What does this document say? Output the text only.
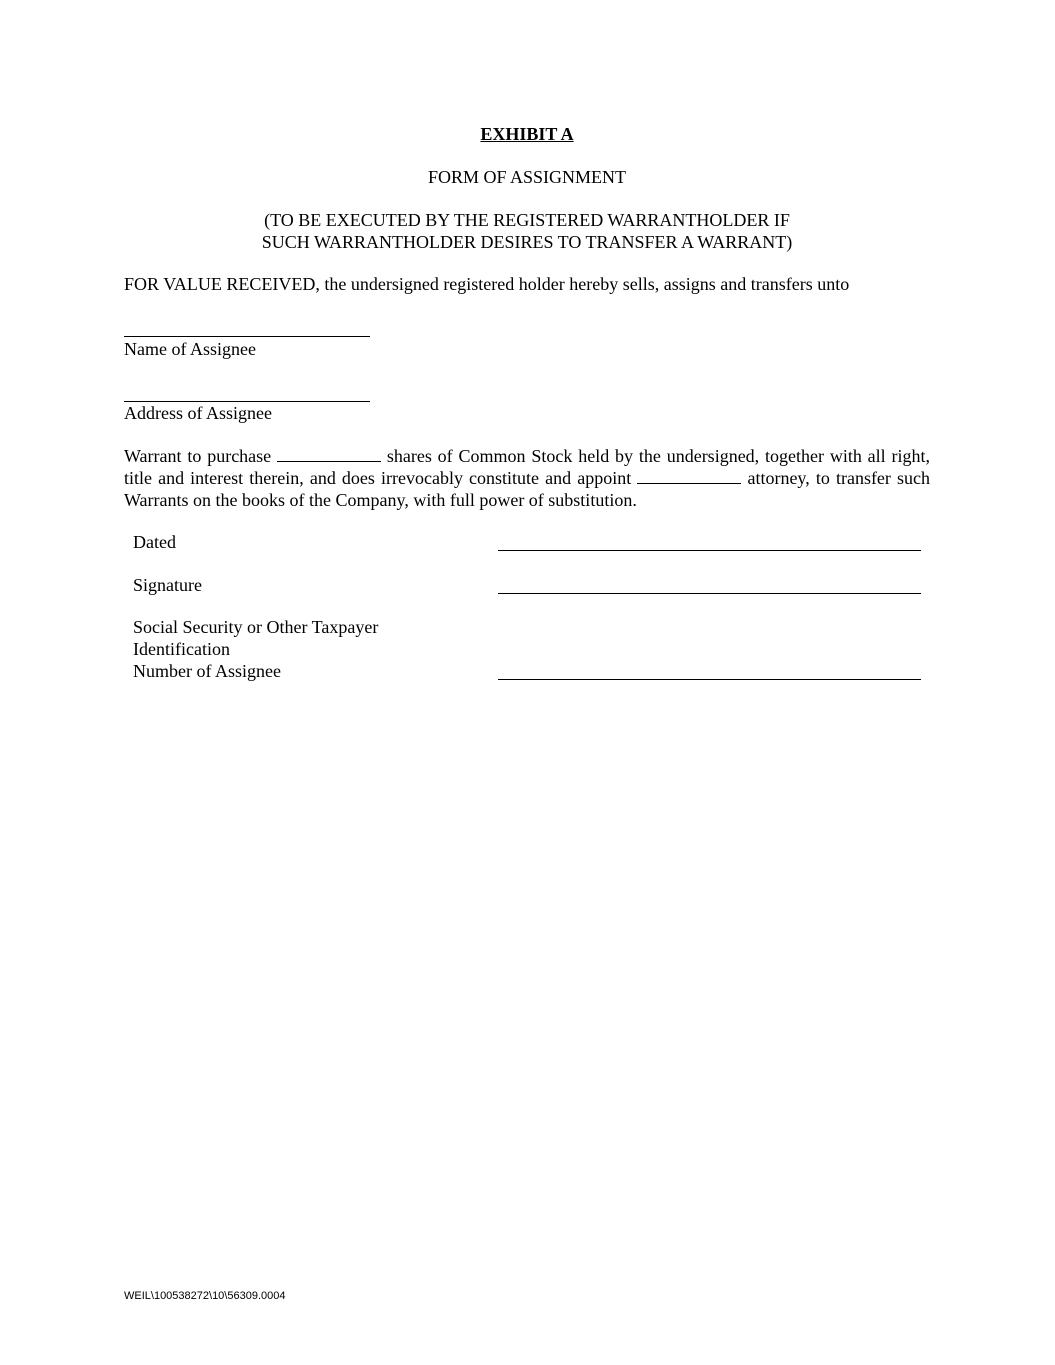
EXHIBIT A
FORM OF ASSIGNMENT
(TO BE EXECUTED BY THE REGISTERED WARRANTHOLDER IF
SUCH WARRANTHOLDER DESIRES TO TRANSFER A WARRANT)
FOR VALUE RECEIVED, the undersigned registered holder hereby sells, assigns and transfers unto
Name of Assignee
Address of Assignee
Warrant to purchase	shares of Common Stock held by the undersigned, together with all right, title and interest therein, and does irrevocably constitute and appoint	attorney, to transfer such Warrants on the books of the Company, with full power of substitution.
Dated
Signature
Social Security or Other Taxpayer
Identification
Number of Assignee
WEIL\100538272\10\56309.0004
